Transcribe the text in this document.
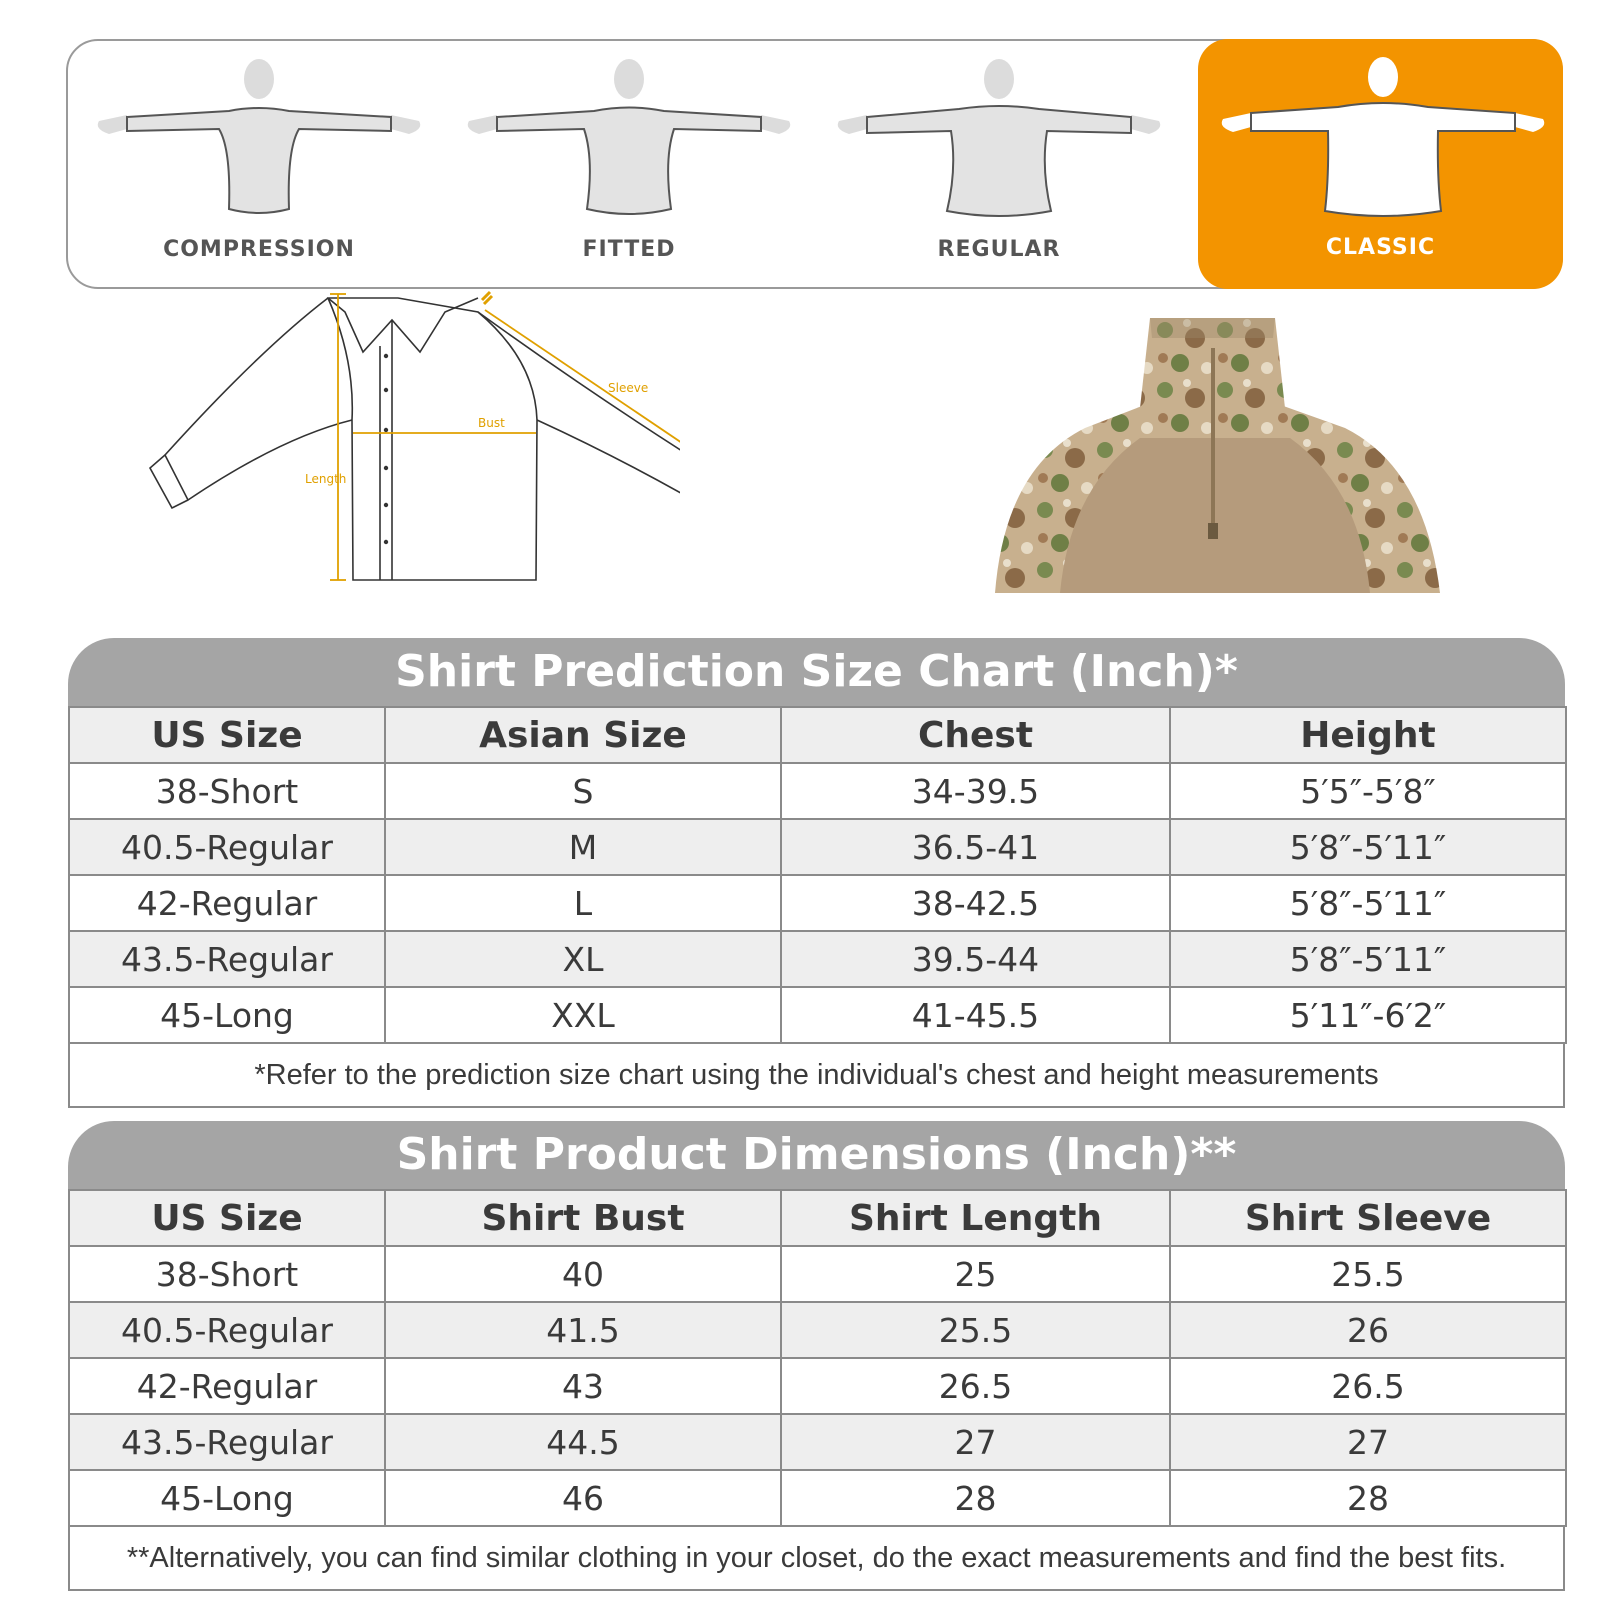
COMPRESSION	FITTED	REGULAR	CLASSIC
Length
Bust
Sleeve
Shirt Prediction Size Chart (Inch)*
US Size	Asian Size	Chest	Height
38-Short	S	34-39.5	5′5″-5′8″
40.5-Regular	M	36.5-41	5′8″-5′11″
42-Regular	L	38-42.5	5′8″-5′11″
43.5-Regular	XL	39.5-44	5′8″-5′11″
45-Long	XXL	41-45.5	5′11″-6′2″
*Refer to the prediction size chart using the individual's chest and height measurements
Shirt Product Dimensions (Inch)**
US Size	Shirt Bust	Shirt Length	Shirt Sleeve
38-Short	40	25	25.5
40.5-Regular	41.5	25.5	26
42-Regular	43	26.5	26.5
43.5-Regular	44.5	27	27
45-Long	46	28	28
**Alternatively, you can find similar clothing in your closet, do the exact measurements and find the best fits.
